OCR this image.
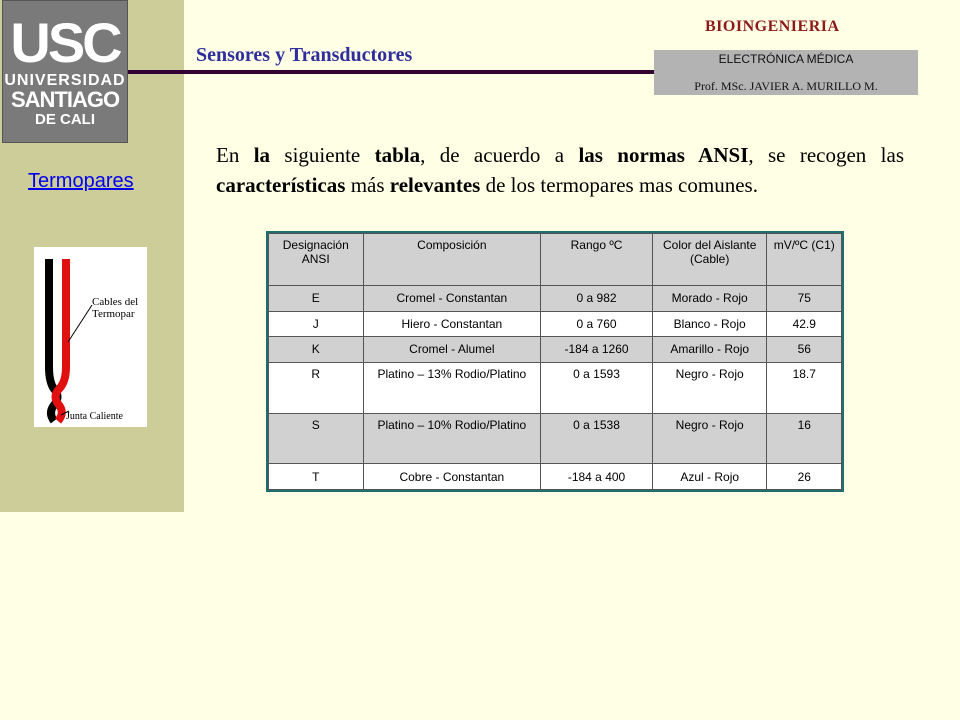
USC
UNIVERSIDAD
SANTIAGO
DE CALI
Sensores y Transductores
BIOINGENIERIA
ELECTRÓNICA MÉDICA
Prof. MSc. JAVIER A. MURILLO M.
Termopares
Cables del
Termopar
Junta Caliente

En la siguiente tabla, de acuerdo a las normas ANSI, se recogen las características más relevantes de los termopares mas comunes.

Designación ANSI	Composición	Rango ºC	Color del Aislante (Cable)	mV/ºC (C1)
E	Cromel - Constantan	0 a 982	Morado - Rojo	75
J	Hiero - Constantan	0 a 760	Blanco - Rojo	42.9
K	Cromel - Alumel	-184 a 1260	Amarillo - Rojo	56
R	Platino – 13% Rodio/Platino	0 a 1593	Negro - Rojo	18.7
S	Platino – 10% Rodio/Platino	0 a 1538	Negro - Rojo	16
T	Cobre - Constantan	-184 a 400	Azul - Rojo	26
